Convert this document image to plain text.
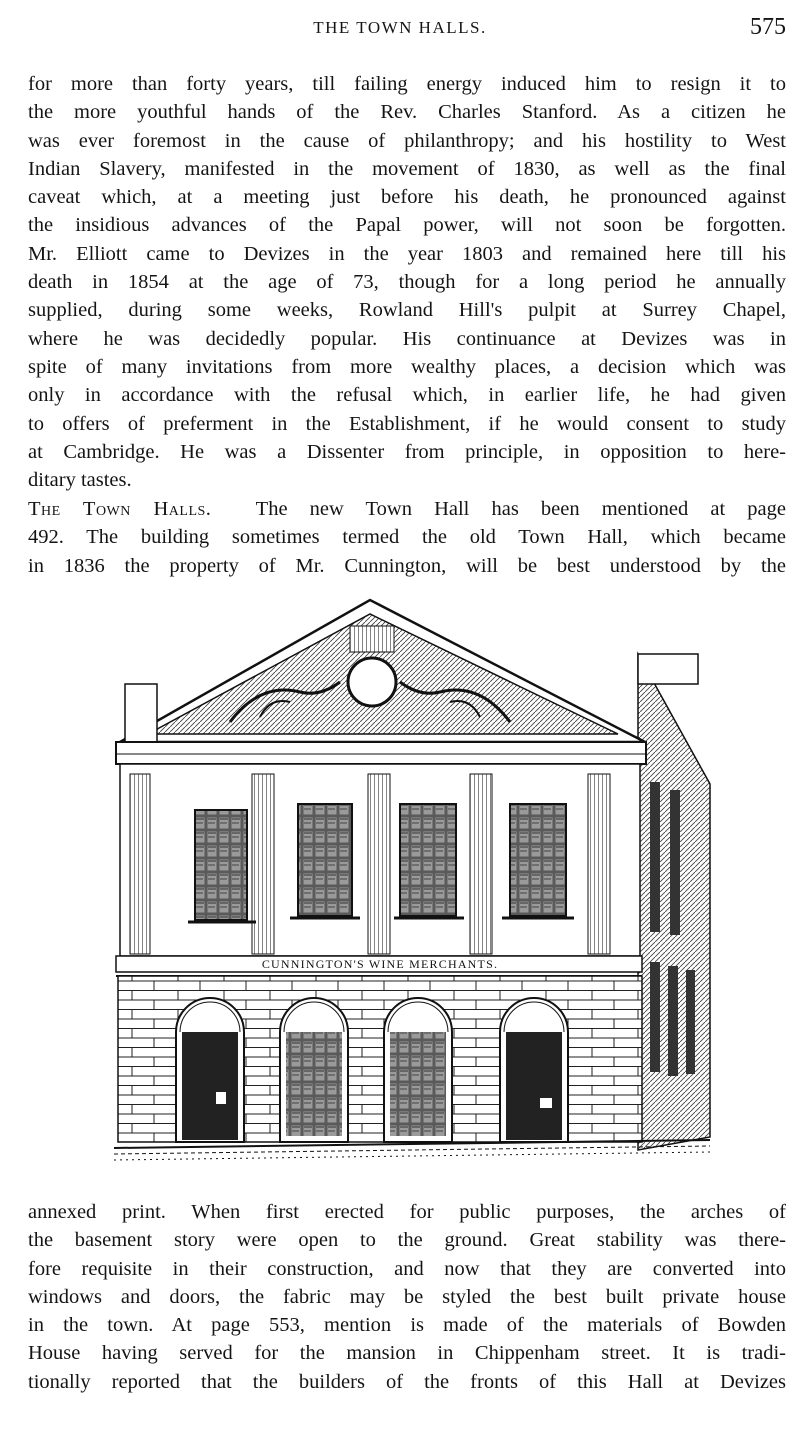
THE TOWN HALLS.	575
for more than forty years, till failing energy induced him to resign it to
the more youthful hands of the Rev. Charles Stanford. As a citizen he
was ever foremost in the cause of philanthropy; and his hostility to West
Indian Slavery, manifested in the movement of 1830, as well as the final
caveat which, at a meeting just before his death, he pronounced against
the insidious advances of the Papal power, will not soon be forgotten.
Mr. Elliott came to Devizes in the year 1803 and remained here till his
death in 1854 at the age of 73, though for a long period he annually
supplied, during some weeks, Rowland Hill's pulpit at Surrey Chapel,
where he was decidedly popular. His continuance at Devizes was in
spite of many invitations from more wealthy places, a decision which was
only in accordance with the refusal which, in earlier life, he had given
to offers of preferment in the Establishment, if he would consent to study
at Cambridge. He was a Dissenter from principle, in opposition to here-
ditary tastes.
The Town Halls. The new Town Hall has been mentioned at page
492. The building sometimes termed the old Town Hall, which became
in 1836 the property of Mr. Cunnington, will be best understood by the
CUNNINGTON'S WINE MERCHANTS.
annexed print. When first erected for public purposes, the arches of
the basement story were open to the ground. Great stability was there-
fore requisite in their construction, and now that they are converted into
windows and doors, the fabric may be styled the best built private house
in the town. At page 553, mention is made of the materials of Bowden
House having served for the mansion in Chippenham street. It is tradi-
tionally reported that the builders of the fronts of this Hall at Devizes
